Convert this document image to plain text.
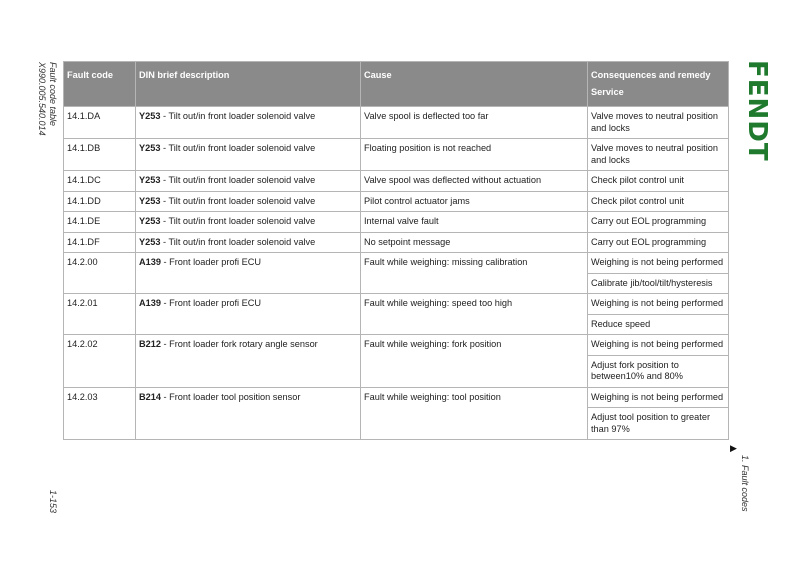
Fault code table
X990.005.540.014
1-153
FENDT
▶
1. Fault codes
Fault code	DIN brief description	Cause	Consequences and remedy
Service
14.1.DA	Y253 - Tilt out/in front loader solenoid valve	Valve spool is deflected too far	Valve moves to neutral position and locks

14.1.DB	Y253 - Tilt out/in front loader solenoid valve	Floating position is not reached	Valve moves to neutral position and locks

14.1.DC	Y253 - Tilt out/in front loader solenoid valve	Valve spool was deflected without actuation	Check pilot control unit

14.1.DD	Y253 - Tilt out/in front loader solenoid valve	Pilot control actuator jams	Check pilot control unit

14.1.DE	Y253 - Tilt out/in front loader solenoid valve	Internal valve fault	Carry out EOL programming

14.1.DF	Y253 - Tilt out/in front loader solenoid valve	No setpoint message	Carry out EOL programming

14.2.00	A139 - Front loader profi ECU	Fault while weighing: missing calibration	Weighing is not being performed
Calibrate jib/tool/tilt/hysteresis

14.2.01	A139 - Front loader profi ECU	Fault while weighing: speed too high	Weighing is not being performed
Reduce speed

14.2.02	B212 - Front loader fork rotary angle sensor	Fault while weighing: fork position	Weighing is not being performed
Adjust fork position to between10% and 80%

14.2.03	B214 - Front loader tool position sensor	Fault while weighing: tool position	Weighing is not being performed
Adjust tool position to greater than 97%
